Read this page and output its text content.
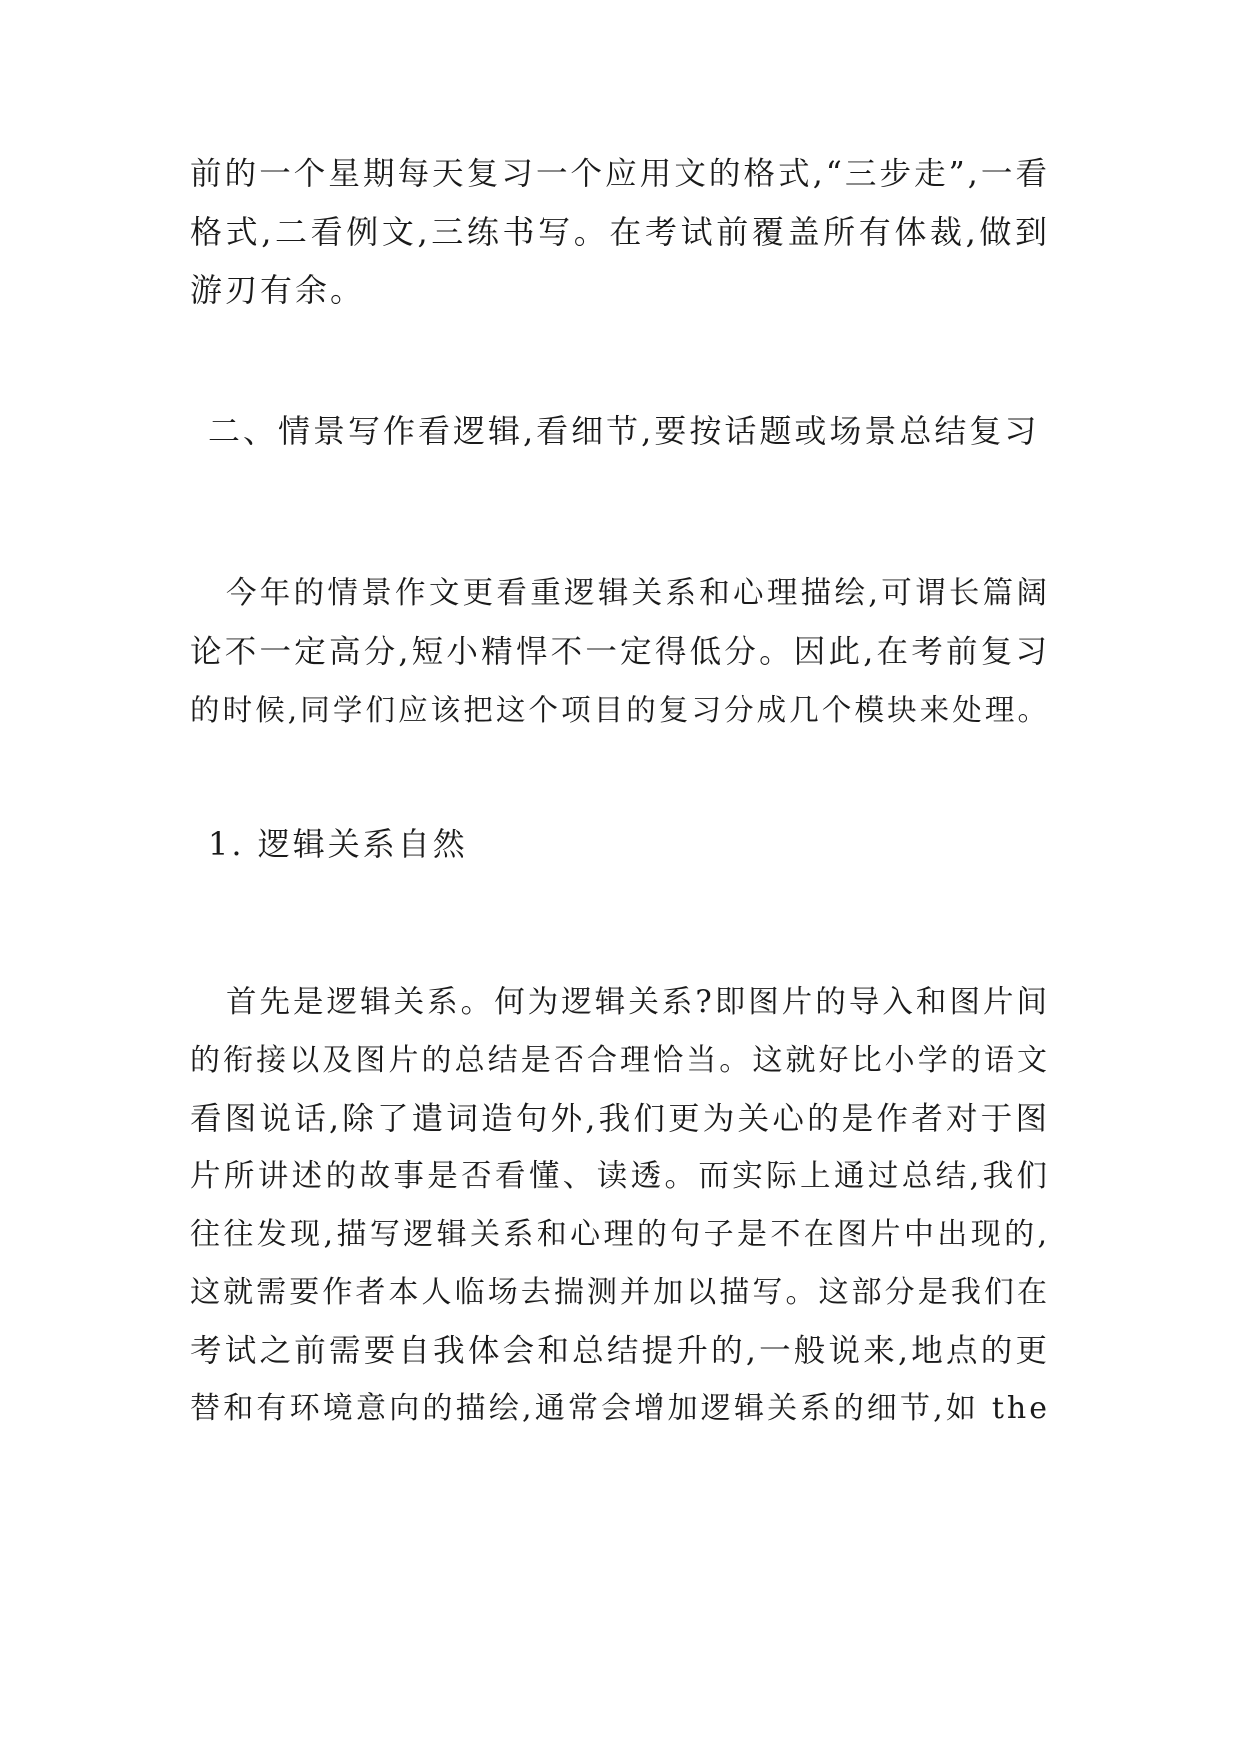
前的一个星期每天复习一个应用文的格式,“三步走”,一看
格式,二看例文,三练书写。在考试前覆盖所有体裁,做到
游刃有余。
二、情景写作看逻辑,看细节,要按话题或场景总结复习
今年的情景作文更看重逻辑关系和心理描绘,可谓长篇阔
论不一定高分,短小精悍不一定得低分。因此,在考前复习
的时候,同学们应该把这个项目的复习分成几个模块来处理。
1. 逻辑关系自然
首先是逻辑关系。何为逻辑关系?即图片的导入和图片间
的衔接以及图片的总结是否合理恰当。这就好比小学的语文
看图说话,除了遣词造句外,我们更为关心的是作者对于图
片所讲述的故事是否看懂、读透。而实际上通过总结,我们
往往发现,描写逻辑关系和心理的句子是不在图片中出现的,
这就需要作者本人临场去揣测并加以描写。这部分是我们在
考试之前需要自我体会和总结提升的,一般说来,地点的更
替和有环境意向的描绘,通常会增加逻辑关系的细节,如 the
